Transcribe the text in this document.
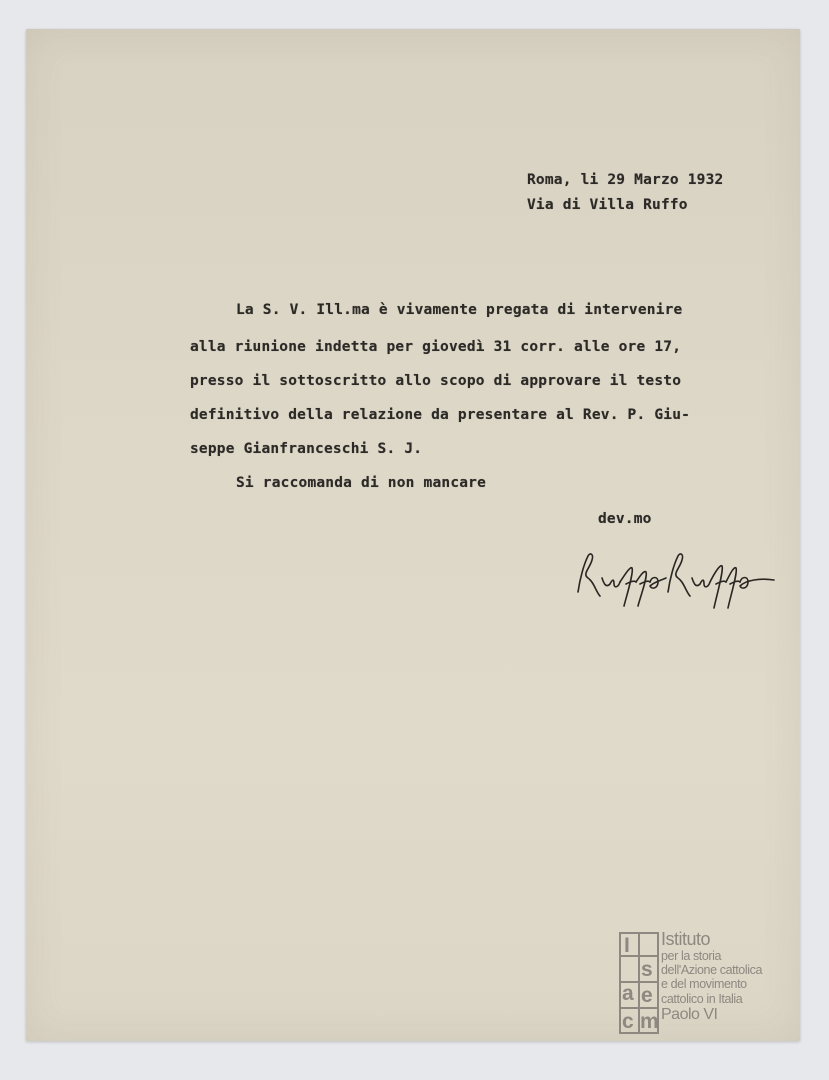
Roma, li 29 Marzo 1932

Via di Villa Ruffo

La S. V. Ill.ma è vivamente pregata di intervenire

alla riunione indetta per giovedì 31 corr. alle ore 17,

presso il sottoscritto allo scopo di approvare il testo

definitivo della relazione da presentare al Rev. P. Giu-

seppe Gianfranceschi S. J.

Si raccomanda di non mancare

dev.mo

I
s
a e
c m
Istituto
per la storia
dell'Azione cattolica
e del movimento
cattolico in Italia
Paolo VI
